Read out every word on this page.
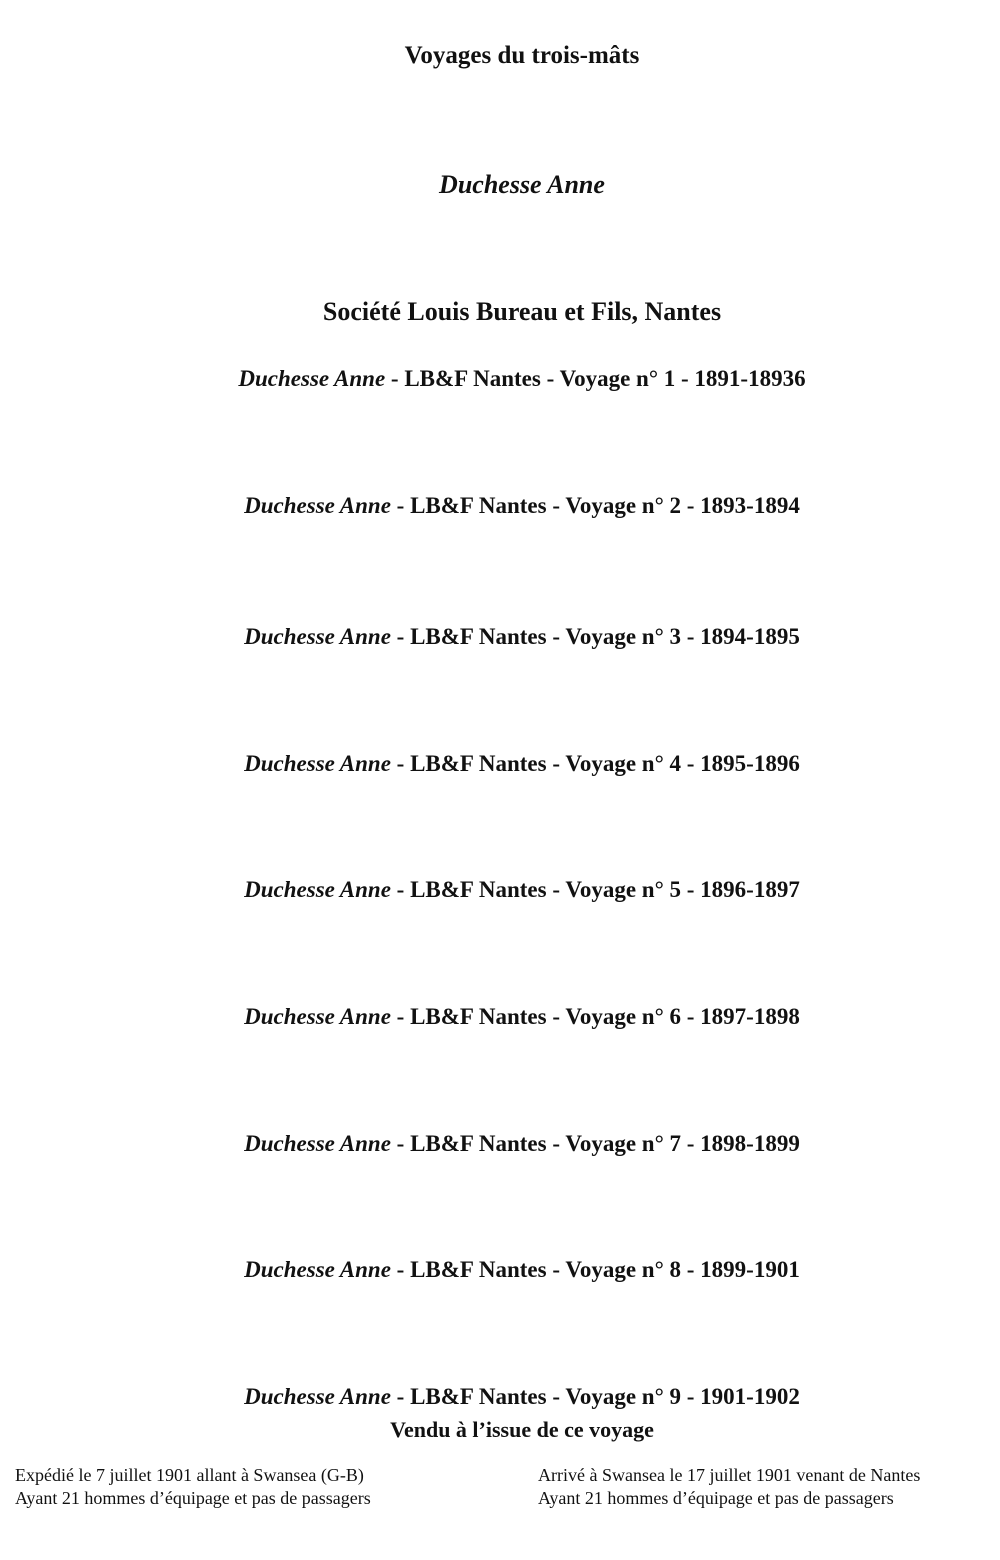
Voyages du trois-mâts
Duchesse Anne
Société Louis Bureau et Fils, Nantes
Duchesse Anne - LB&F Nantes - Voyage n° 1 - 1891-18936
Duchesse Anne - LB&F Nantes - Voyage n° 2 - 1893-1894
Duchesse Anne - LB&F Nantes - Voyage n° 3 - 1894-1895
Duchesse Anne - LB&F Nantes - Voyage n° 4 - 1895-1896
Duchesse Anne - LB&F Nantes - Voyage n° 5 - 1896-1897
Duchesse Anne - LB&F Nantes - Voyage n° 6 - 1897-1898
Duchesse Anne - LB&F Nantes - Voyage n° 7 - 1898-1899
Duchesse Anne - LB&F Nantes - Voyage n° 8 - 1899-1901
Duchesse Anne - LB&F Nantes - Voyage n° 9 - 1901-1902
Vendu à l’issue de ce voyage
Expédié le 7 juillet 1901 allant à Swansea (G-B)
Ayant 21 hommes d’équipage et pas de passagers
Arrivé à Swansea le 17 juillet 1901 venant de Nantes
Ayant 21 hommes d’équipage et pas de passagers
